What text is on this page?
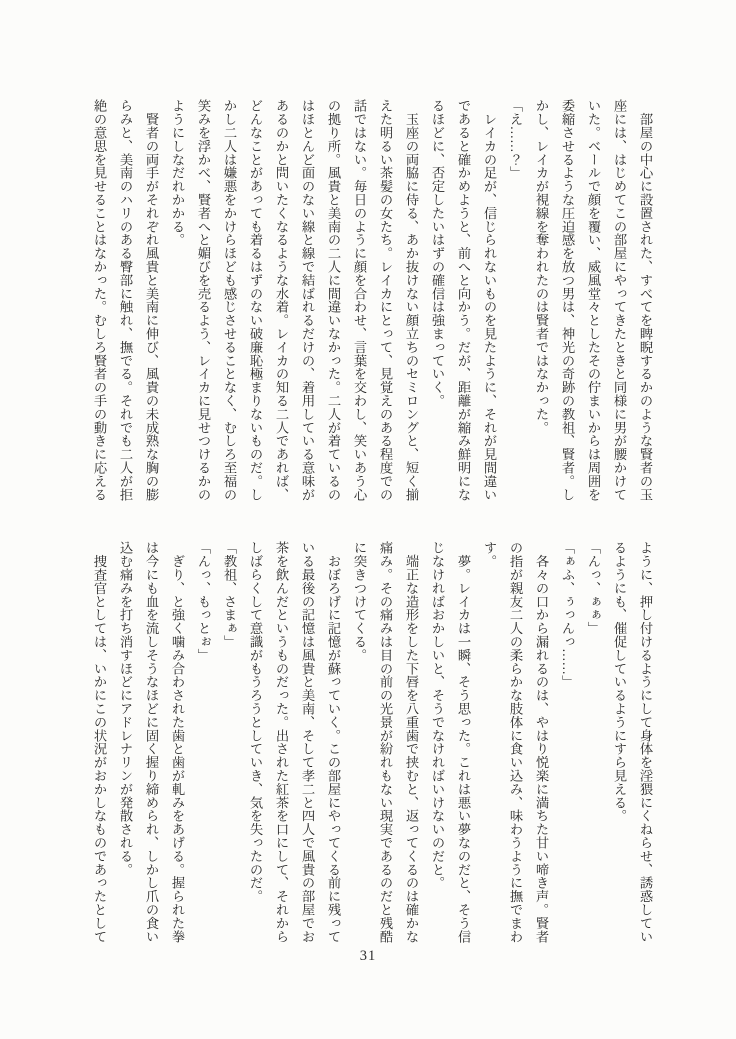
　部屋の中心に設置された、すべてを睥睨するかのような賢者の玉
座には、はじめてこの部屋にやってきたときと同様に男が腰かけて
いた。ベールで顔を覆い、威風堂々としたその佇まいからは周囲を
委縮させるような圧迫感を放つ男は、神光の奇跡の教祖、賢者。し
かし、レイカが視線を奪われたのは賢者ではなかった。
「え……？」
　レイカの足が、信じられないものを見たように、それが見間違い
であると確かめようと、前へと向かう。だが、距離が縮み鮮明にな
るほどに、否定したいはずの確信は強まっていく。
　玉座の両脇に侍る、あか抜けない顔立ちのセミロングと、短く揃
えた明るい茶髪の女たち。レイカにとって、見覚えのある程度での
話ではない。毎日のように顔を合わせ、言葉を交わし、笑いあう心
の拠り所。風貴と美南の二人に間違いなかった。二人が着ているの
はほとんど面のない線と線で結ばれるだけの、着用している意味が
あるのかと問いたくなるような水着。レイカの知る二人であれば、
どんなことがあっても着るはずのない破廉恥極まりないものだ。し
かし二人は嫌悪をかけらほども感じさせることなく、むしろ至福の
笑みを浮かべ、賢者へと媚びを売るよう、レイカに見せつけるかの
ようにしなだれかかる。
　賢者の両手がそれぞれ風貴と美南に伸び、風貴の未成熟な胸の膨
らみと、美南のハリのある臀部に触れ、撫でる。それでも二人が拒
絶の意思を見せることはなかった。むしろ賢者の手の動きに応える
ように、押し付けるようにして身体を淫猥にくねらせ、誘惑してい
るようにも、催促しているようにすら見える。
「んっ、ぁぁ」
「ぁふ、ぅっんっ……」
　各々の口から漏れるのは、やはり悦楽に満ちた甘い啼き声。賢者
の指が親友二人の柔らかな肢体に食い込み、味わうように撫でまわ
す。
　夢。レイカは一瞬、そう思った。これは悪い夢なのだと、そう信
じなければおかしいと、そうでなければいけないのだと。
　端正な造形をした下唇を八重歯で挟むと、返ってくるのは確かな
痛み。その痛みは目の前の光景が紛れもない現実であるのだと残酷
に突きつけてくる。
　おぼろげに記憶が蘇っていく。この部屋にやってくる前に残って
いる最後の記憶は風貴と美南、そして孝二と四人で風貴の部屋でお
茶を飲んだというものだった。出された紅茶を口にして、それから
しばらくして意識がもうろうとしていき、気を失ったのだ。
「教祖、さまぁ」
「んっ、もっとぉ」
　ぎり、と強く噛み合わされた歯と歯が軋みをあげる。握られた拳
は今にも血を流しそうなほどに固く握り締められ、しかし爪の食い
込む痛みを打ち消すほどにアドレナリンが発散される。
　捜査官としては、いかにこの状況がおかしなものであったとして
31
